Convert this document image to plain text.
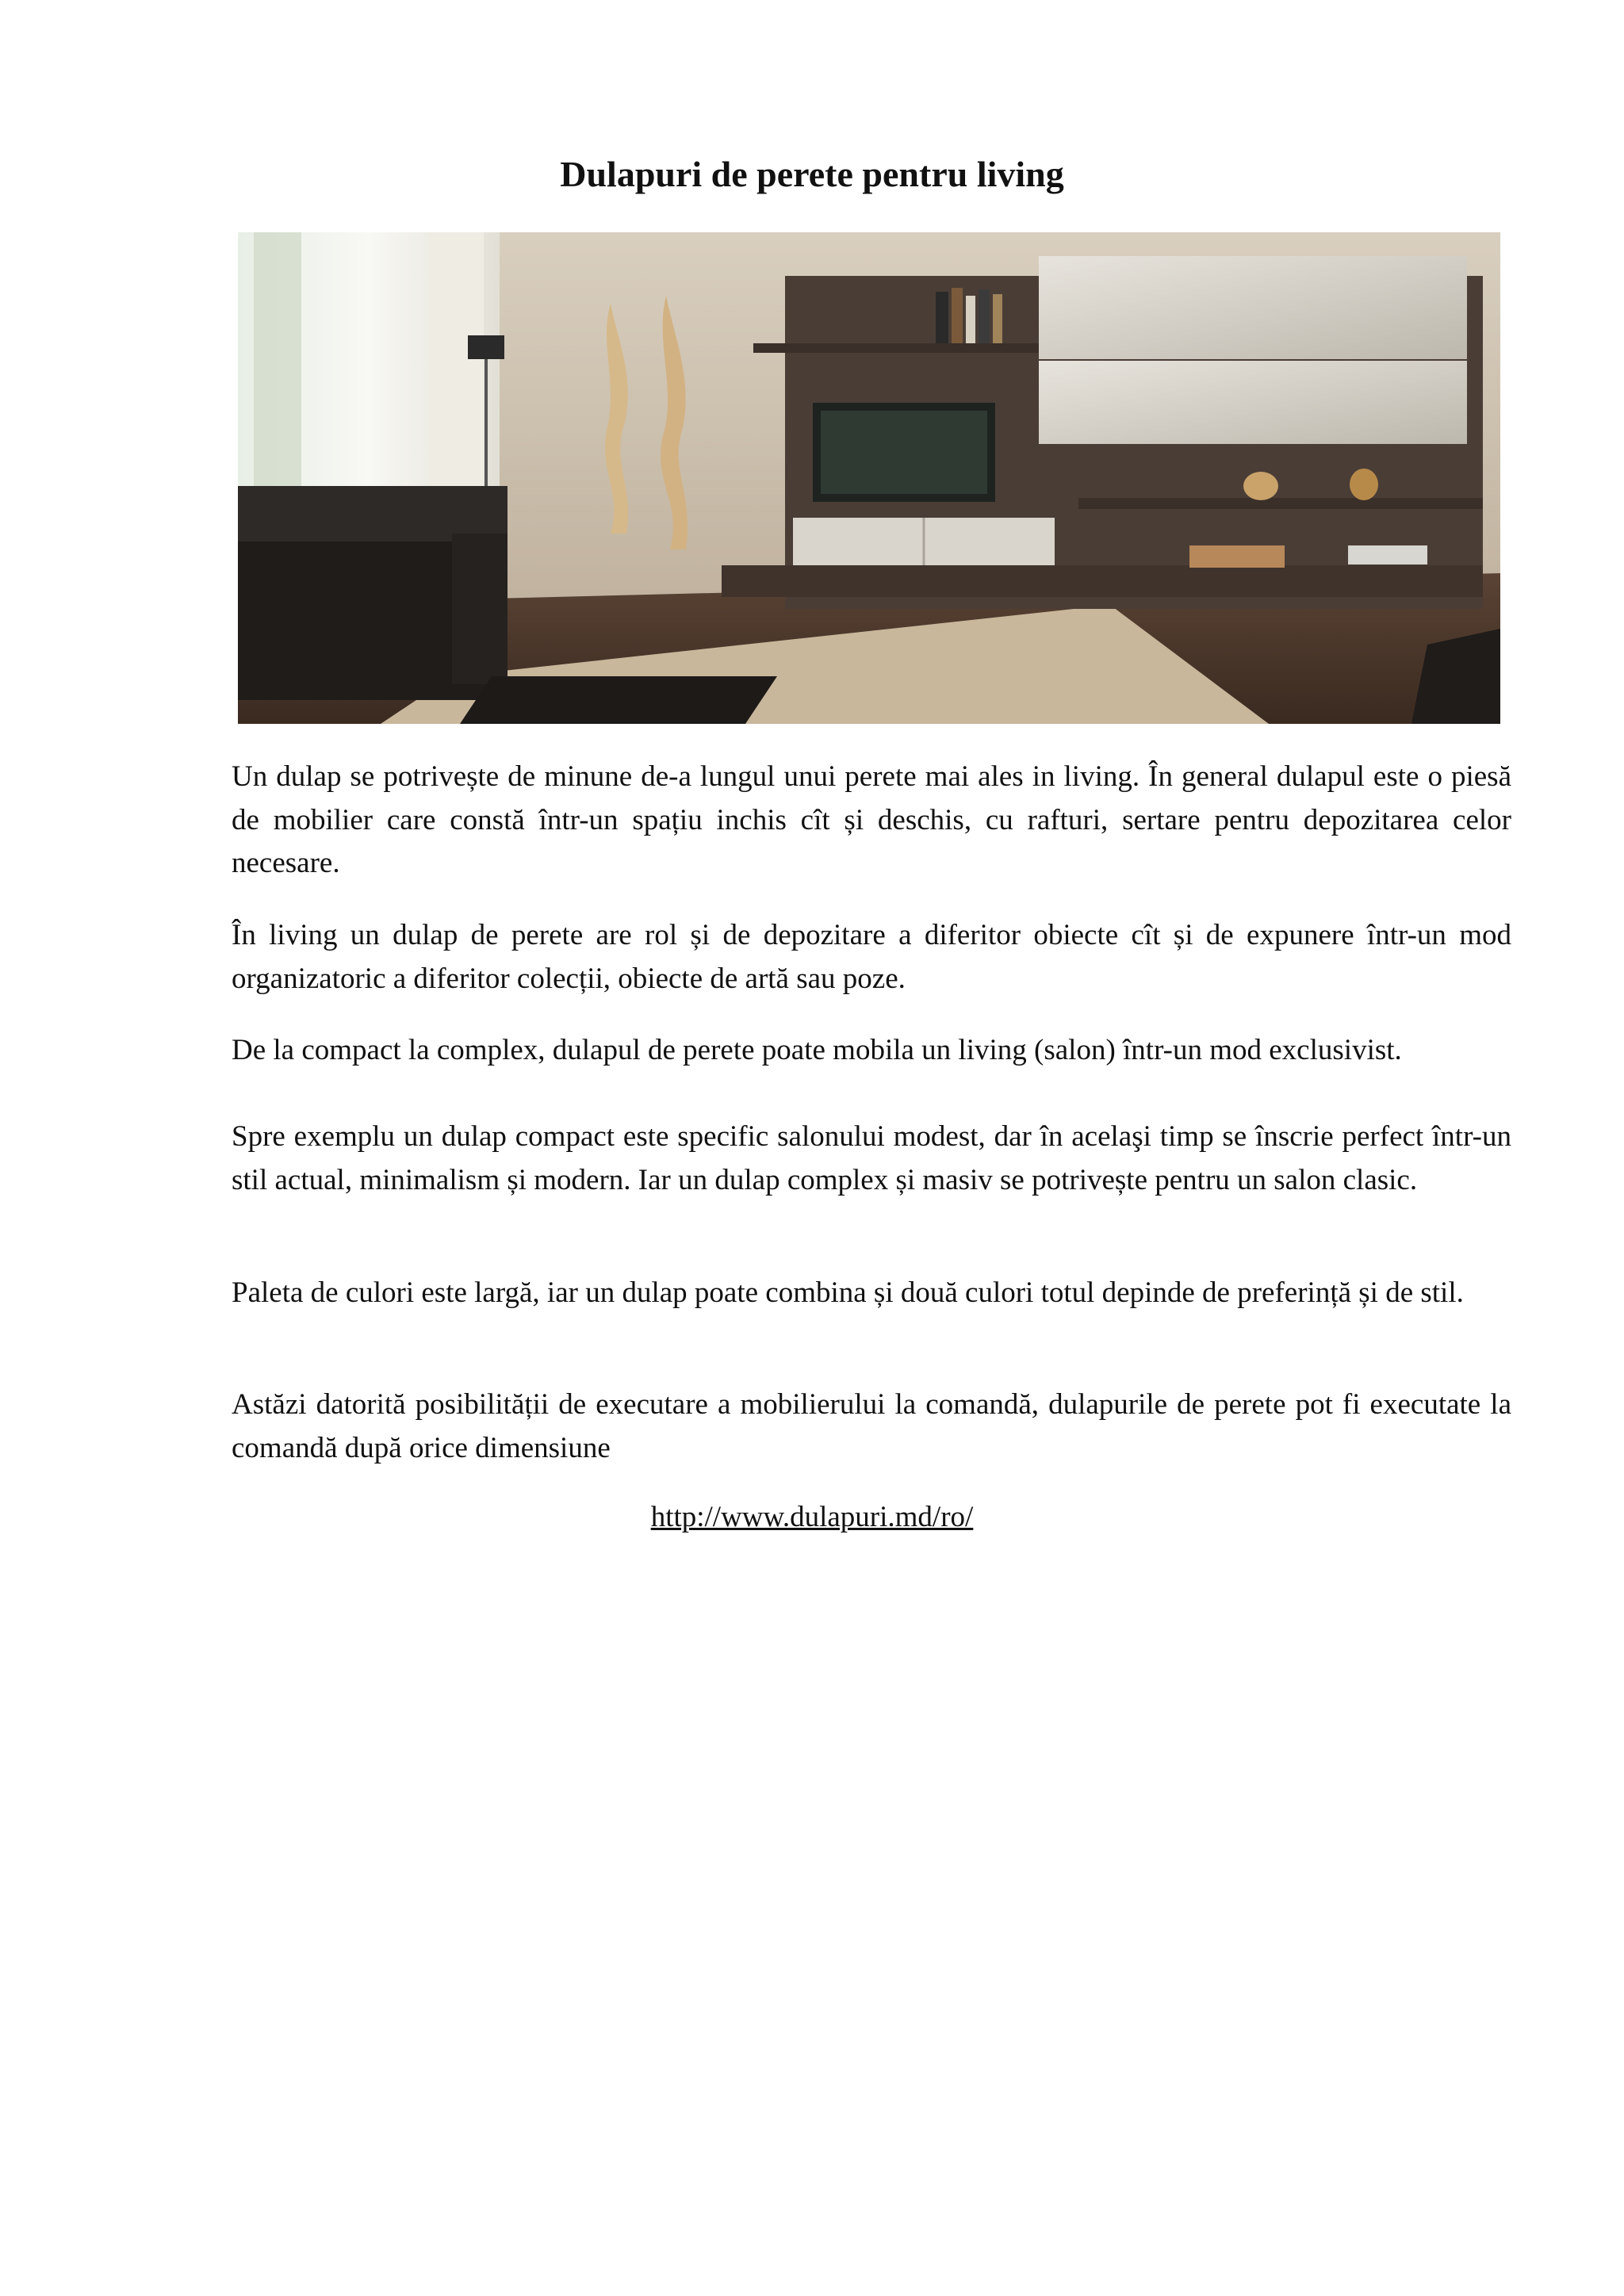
Dulapuri de perete pentru living

Un dulap se potrivește de minune de-a lungul unui perete mai ales in living. În general dulapul este o piesă de mobilier care constă într-un spațiu inchis cît și deschis, cu rafturi, sertare pentru depozitarea celor necesare.

În living un dulap de perete are rol și de depozitare a diferitor obiecte cît și de expunere într-un mod organizatoric a diferitor colecții, obiecte de artă sau poze.

De la compact la complex, dulapul de perete poate mobila un living (salon) într-un mod exclusivist.

Spre exemplu un dulap compact este specific salonului modest, dar în acelaşi timp se înscrie perfect într-un stil actual, minimalism și modern. Iar un dulap complex și masiv se potrivește pentru un salon clasic.

Paleta de culori este largă, iar un dulap poate combina și două culori totul depinde de preferință și de stil.

Astăzi datorită posibilității de executare a mobilierului la comandă, dulapurile de perete pot fi executate la comandă după orice dimensiune

http://www.dulapuri.md/ro/
